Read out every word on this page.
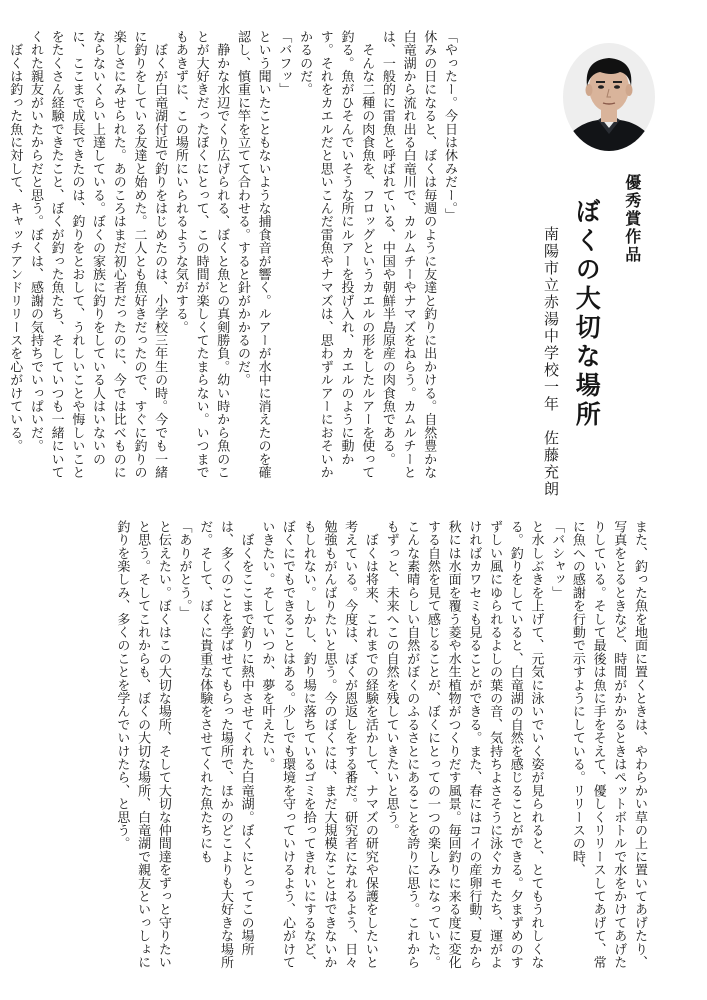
優秀賞作品
ぼくの大切な場所

南陽市立赤湯中学校一年　佐藤充朗

「やったー。今日は休みだー。」
休みの日になると、ぼくは毎週のように友達と釣りに出かける。自然豊かな白竜湖から流れ出る白竜川で、カルムチーやナマズをねらう。カムルチーとは、一般的に雷魚と呼ばれている、中国や朝鮮半島原産の肉食魚である。
　そんな二種の肉食魚を、フロッグというカエルの形をしたルアーを使って釣る。魚がひそんでいそうな所にルアーを投げ入れ、カエルのように動かす。それをカエルだと思いこんだ雷魚やナマズは、思わずルアーにおそいかかるのだ。
「バフッ」
という聞いたこともないような捕食音が響く。ルアーが水中に消えたのを確認し、慎重に竿を立てて合わせる。すると針がかかるのだ。
　静かな水辺でくり広げられる、ぼくと魚との真剣勝負。幼い時から魚のことが大好きだったぼくにとって、この時間が楽しくてたまらない。いつまでもあきずに、この場所にいられるような気がする。
　ぼくが白竜湖付近で釣りをはじめたのは、小学校三年生の時。今でも一緒に釣りをしている友達と始めた。二人とも魚好きだったので、すぐに釣りの楽しさにみせられた。あのころはまだ初心者だったのに、今では比べものにならないくらい上達している。ぼくの家族に釣りをしている人はいないのに、ここまで成長できたのは、釣りをとおして、うれしいことや悔しいことをたくさん経験できたこと、ぼくが釣った魚たち、そしていつも一緒にいてくれた親友がいたからだと思う。ぼくは、感謝の気持ちでいっぱいだ。
　ぼくは釣った魚に対して、キャッチアンドリリースを心がけている。

また、釣った魚を地面に置くときは、やわらかい草の上に置いてあげたり、写真をとるときなど、時間がかかるときはペットボトルで水をかけてあげたりしている。そして最後は魚に手をそえて、優しくリリースしてあげて、常に魚への感謝を行動で示すようにしている。リリースの時、
「バシャッ」
と水しぶきを上げて、元気に泳いでいく姿が見られると、とてもうれしくなる。釣りをしていると、白竜湖の自然を感じることができる。夕まずめのすずしい風にゆられるよしの葉の音、気持ちよさそうに泳ぐカモたち、運がよければカワセミも見ることができる。また、春にはコイの産卵行動、夏から秋には水面を覆う菱や水生植物がつくりだす風景。毎回釣りに来る度に変化する自然を見て感じることが、ぼくにとっての一つの楽しみになっていた。こんな素晴らしい自然がぼくのふるさとにあることを誇りに思う。これからもずっと、未来へこの自然を残していきたいと思う。
　ぼくは将来、これまでの経験を活かして、ナマズの研究や保護をしたいと考えている。今度は、ぼくが恩返しをする番だ。研究者になれるよう、日々勉強もがんばりたいと思う。今のぼくには、まだ大規模なことはできないかもしれない。しかし、釣り場に落ちているゴミを拾ってきれいにするなど、ぼくにでもできることはある。少しでも環境を守っていけるよう、心がけていきたい。そしていつか、夢を叶えたい。
　ぼくをここまで釣りに熱中させてくれた白竜湖。ぼくにとってこの場所は、多くのことを学ばせてもらった場所で、ほかのどこよりも大好きな場所だ。そして、ぼくに貴重な体験をさせてくれた魚たちにも
「ありがとう。」
と伝えたい。ぼくはこの大切な場所、そして大切な仲間達をずっと守りたいと思う。そしてこれからも、ぼくの大切な場所、白竜湖で親友といっしょに釣りを楽しみ、多くのことを学んでいけたら、と思う。
